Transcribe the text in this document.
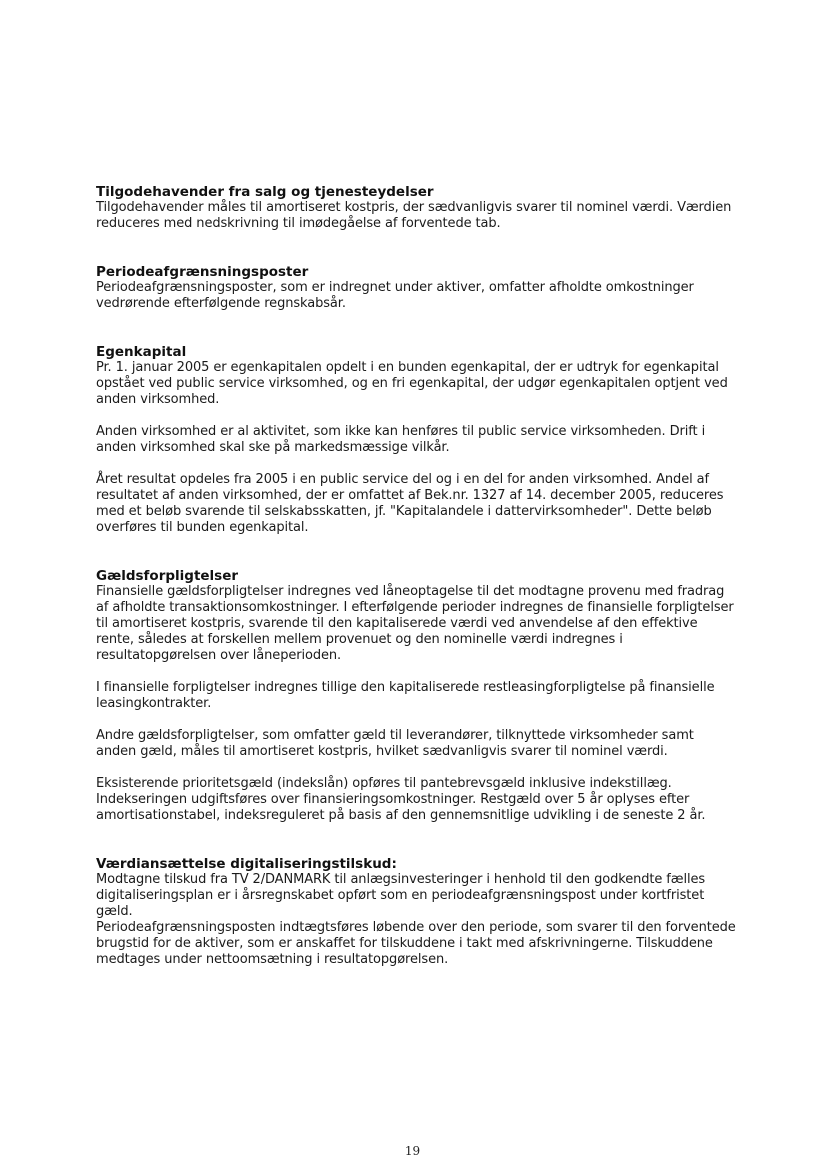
Tilgodehavender fra salg og tjenesteydelser

Tilgodehavender måles til amortiseret kostpris, der sædvanligvis svarer til nominel værdi. Værdien reduceres med nedskrivning til imødegåelse af forventede tab.

Periodeafgrænsningsposter

Periodeafgrænsningsposter, som er indregnet under aktiver, omfatter afholdte omkostninger vedrørende efterfølgende regnskabsår.

Egenkapital

Pr. 1. januar 2005 er egenkapitalen opdelt i en bunden egenkapital, der er udtryk for egenkapital opstået ved public service virksomhed, og en fri egenkapital, der udgør egenkapitalen optjent ved anden virksomhed.

Anden virksomhed er al aktivitet, som ikke kan henføres til public service virksomheden. Drift i anden virksomhed skal ske på markedsmæssige vilkår.

Året resultat opdeles fra 2005 i en public service del og i en del for anden virksomhed. Andel af resultatet af anden virksomhed, der er omfattet af Bek.nr. 1327 af 14. december 2005, reduceres med et beløb svarende til selskabsskatten, jf. "Kapitalandele i dattervirksomheder". Dette beløb overføres til bunden egenkapital.

Gældsforpligtelser

Finansielle gældsforpligtelser indregnes ved låneoptagelse til det modtagne provenu med fradrag af afholdte transaktionsomkostninger. I efterfølgende perioder indregnes de finansielle forpligtelser til amortiseret kostpris, svarende til den kapitaliserede værdi ved anvendelse af den effektive rente, således at forskellen mellem provenuet og den nominelle værdi indregnes i resultatopgørelsen over låneperioden.

I finansielle forpligtelser indregnes tillige den kapitaliserede restleasingforpligtelse på finansielle leasingkontrakter.

Andre gældsforpligtelser, som omfatter gæld til leverandører, tilknyttede virksomheder samt anden gæld, måles til amortiseret kostpris, hvilket sædvanligvis svarer til nominel værdi.

Eksisterende prioritetsgæld (indekslån) opføres til pantebrevsgæld inklusive indekstillæg. Indekseringen udgiftsføres over finansieringsomkostninger. Restgæld over 5 år oplyses efter amortisationstabel, indeksreguleret på basis af den gennemsnitlige udvikling i de seneste 2 år.

Værdiansættelse digitaliseringstilskud:

Modtagne tilskud fra TV 2/DANMARK til anlægsinvesteringer i henhold til den godkendte fælles digitaliseringsplan er i årsregnskabet opført som en periodeafgrænsningspost under kortfristet gæld.

Periodeafgrænsningsposten indtægtsføres løbende over den periode, som svarer til den forventede brugstid for de aktiver, som er anskaffet for tilskuddene i takt med afskrivningerne. Tilskuddene medtages under nettoomsætning i resultatopgørelsen.

19
